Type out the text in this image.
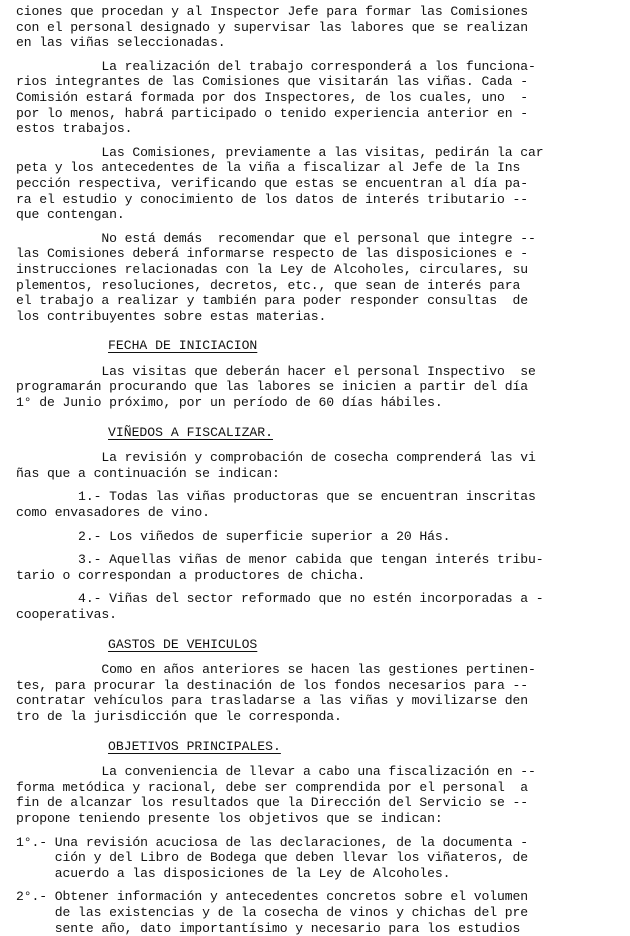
ciones que procedan y al Inspector Jefe para formar las Comisiones
con el personal designado y supervisar las labores que se realizan
en las viñas seleccionadas.
La realización del trabajo corresponderá a los funciona-
rios integrantes de las Comisiones que visitarán las viñas. Cada -
Comisión estará formada por dos Inspectores, de los cuales, uno  -
por lo menos, habrá participado o tenido experiencia anterior en -
estos trabajos.
Las Comisiones, previamente a las visitas, pedirán la car
peta y los antecedentes de la viña a fiscalizar al Jefe de la Ins
pección respectiva, verificando que estas se encuentran al día pa-
ra el estudio y conocimiento de los datos de interés tributario --
que contengan.
No está demás  recomendar que el personal que integre --
las Comisiones deberá informarse respecto de las disposiciones e -
instrucciones relacionadas con la Ley de Alcoholes, circulares, su
plementos, resoluciones, decretos, etc., que sean de interés para
el trabajo a realizar y también para poder responder consultas  de
los contribuyentes sobre estas materias.
FECHA DE INICIACION
Las visitas que deberán hacer el personal Inspectivo  se
programarán procurando que las labores se inicien a partir del día
1° de Junio próximo, por un período de 60 días hábiles.
VIÑEDOS A FISCALIZAR.
La revisión y comprobación de cosecha comprenderá las vi
ñas que a continuación se indican:
1.- Todas las viñas productoras que se encuentran inscritas
como envasadores de vino.
2.- Los viñedos de superficie superior a 20 Hás.
3.- Aquellas viñas de menor cabida que tengan interés tribu-
tario o correspondan a productores de chicha.
4.- Viñas del sector reformado que no estén incorporadas a -
cooperativas.
GASTOS DE VEHICULOS
Como en años anteriores se hacen las gestiones pertinen-
tes, para procurar la destinación de los fondos necesarios para --
contratar vehículos para trasladarse a las viñas y movilizarse den
tro de la jurisdicción que le corresponda.
OBJETIVOS PRINCIPALES.
La conveniencia de llevar a cabo una fiscalización en --
forma metódica y racional, debe ser comprendida por el personal  a
fin de alcanzar los resultados que la Dirección del Servicio se --
propone teniendo presente los objetivos que se indican:
1°.- Una revisión acuciosa de las declaraciones, de la documenta -
ción y del Libro de Bodega que deben llevar los viñateros, de
acuerdo a las disposiciones de la Ley de Alcoholes.
2°.- Obtener información y antecedentes concretos sobre el volumen
de las existencias y de la cosecha de vinos y chichas del pre
sente año, dato importantísimo y necesario para los estudios
